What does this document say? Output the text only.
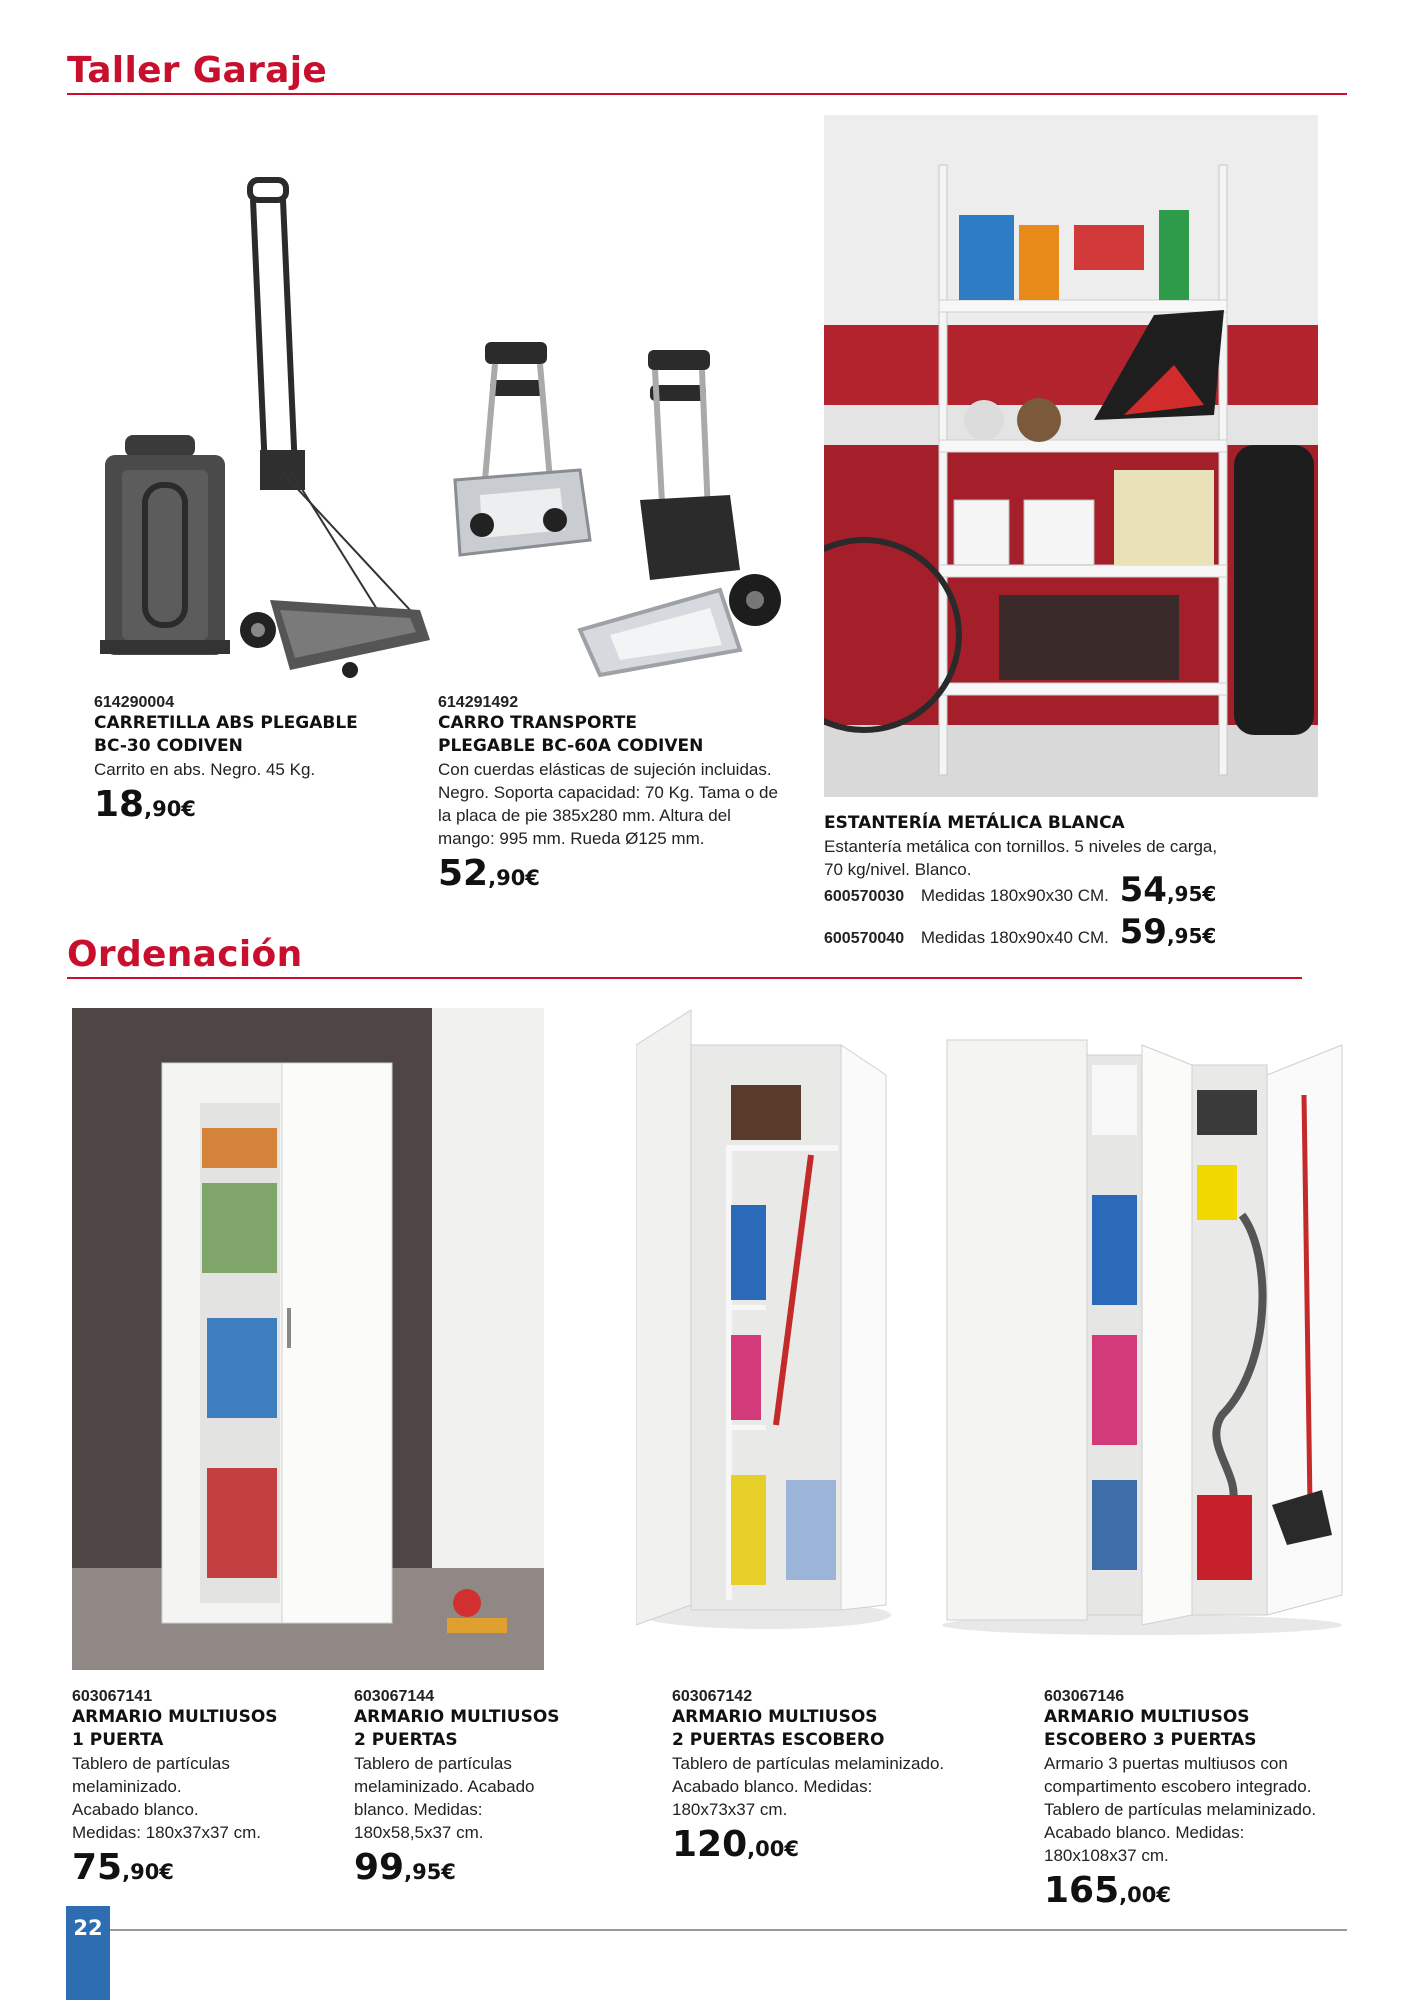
Taller Garaje
614290004
CARRETILLA ABS PLEGABLE
BC-30 CODIVEN
Carrito en abs. Negro. 45 Kg.
18,90€
614291492
CARRO TRANSPORTE
PLEGABLE BC-60A CODIVEN
Con cuerdas elásticas de sujeción incluidas.
Negro. Soporta capacidad: 70 Kg. Tama o de
la placa de pie 385x280 mm. Altura del
mango: 995 mm. Rueda Ø125 mm.
52,90€
ESTANTERÍA METÁLICA BLANCA
Estantería metálica con tornillos. 5 niveles de carga,
70 kg/nivel. Blanco.
600570030 Medidas 180x90x30 CM. 54,95€
600570040 Medidas 180x90x40 CM. 59,95€
Ordenación
603067141
ARMARIO MULTIUSOS
1 PUERTA
Tablero de partículas
melaminizado.
Acabado blanco.
Medidas: 180x37x37 cm.
75,90€
603067144
ARMARIO MULTIUSOS
2 PUERTAS
Tablero de partículas
melaminizado. Acabado
blanco. Medidas:
180x58,5x37 cm.
99,95€
603067142
ARMARIO MULTIUSOS
2 PUERTAS ESCOBERO
Tablero de partículas melaminizado.
Acabado blanco. Medidas:
180x73x37 cm.
120,00€
603067146
ARMARIO MULTIUSOS
ESCOBERO 3 PUERTAS
Armario 3 puertas multiusos con
compartimento escobero integrado.
Tablero de partículas melaminizado.
Acabado blanco. Medidas:
180x108x37 cm.
165,00€
22
